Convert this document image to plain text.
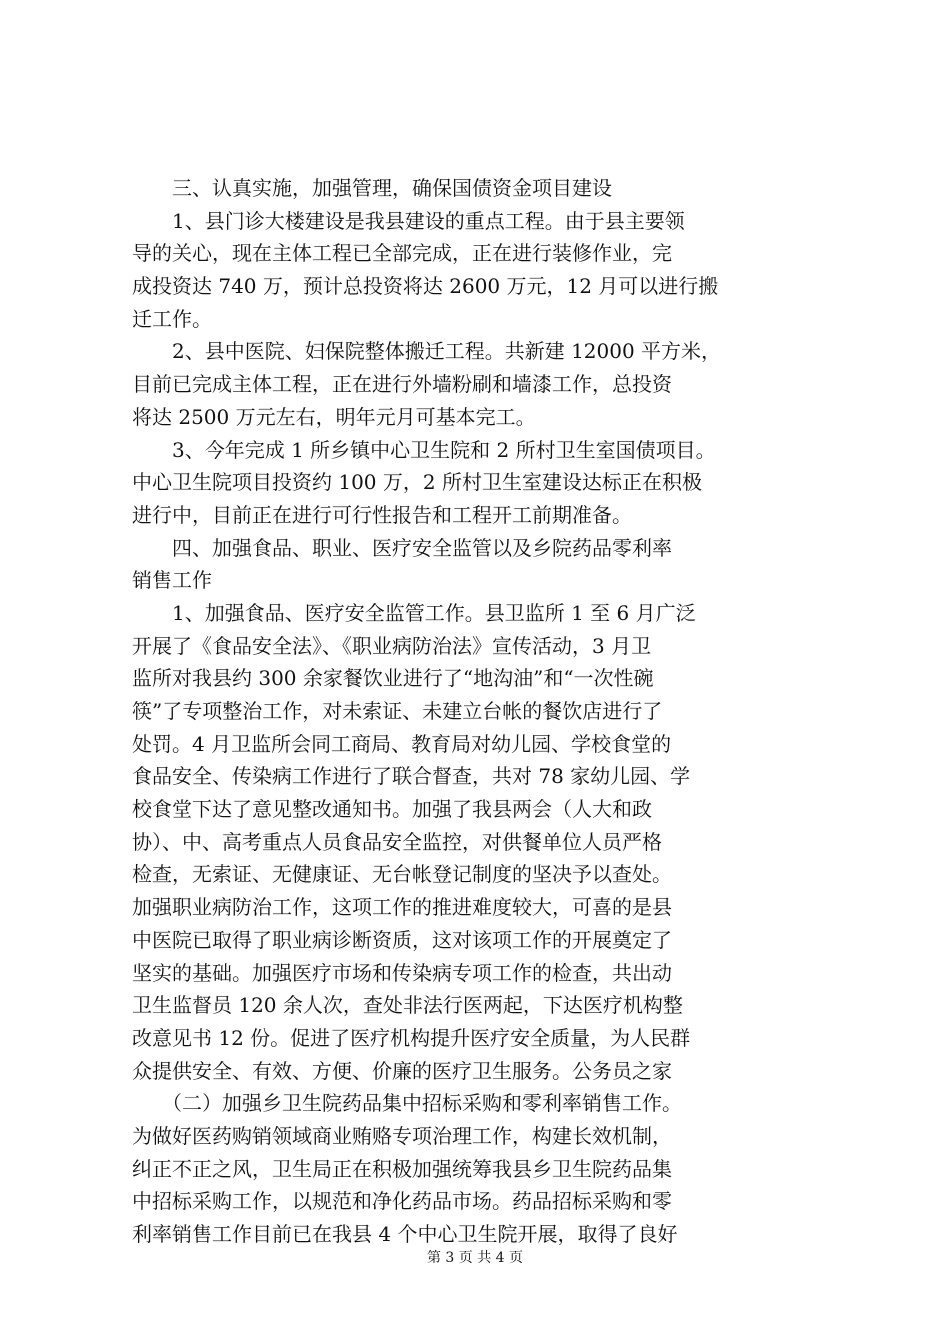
　　三、认真实施，加强管理，确保国债资金项目建设
　　1、县门诊大楼建设是我县建设的重点工程。由于县主要领
导的关心，现在主体工程已全部完成，正在进行装修作业，完
成投资达 740 万，预计总投资将达 2600 万元，12 月可以进行搬
迁工作。
　　2、县中医院、妇保院整体搬迁工程。共新建 12000 平方米，
目前已完成主体工程，正在进行外墙粉刷和墙漆工作，总投资
将达 2500 万元左右，明年元月可基本完工。
　　3、今年完成 1 所乡镇中心卫生院和 2 所村卫生室国债项目。
中心卫生院项目投资约 100 万，2 所村卫生室建设达标正在积极
进行中，目前正在进行可行性报告和工程开工前期准备。
　　四、加强食品、职业、医疗安全监管以及乡院药品零利率
销售工作
　　1、加强食品、医疗安全监管工作。县卫监所 1 至 6 月广泛
开展了《食品安全法》、《职业病防治法》宣传活动，3 月卫
监所对我县约 300 余家餐饮业进行了“地沟油”和“一次性碗
筷”了专项整治工作，对未索证、未建立台帐的餐饮店进行了
处罚。4 月卫监所会同工商局、教育局对幼儿园、学校食堂的
食品安全、传染病工作进行了联合督查，共对 78 家幼儿园、学
校食堂下达了意见整改通知书。加强了我县两会（人大和政
协）、中、高考重点人员食品安全监控，对供餐单位人员严格
检查，无索证、无健康证、无台帐登记制度的坚决予以查处。
加强职业病防治工作，这项工作的推进难度较大，可喜的是县
中医院已取得了职业病诊断资质，这对该项工作的开展奠定了
坚实的基础。加强医疗市场和传染病专项工作的检查，共出动
卫生监督员 120 余人次，查处非法行医两起，下达医疗机构整
改意见书 12 份。促进了医疗机构提升医疗安全质量，为人民群
众提供安全、有效、方便、价廉的医疗卫生服务。公务员之家
　　（二）加强乡卫生院药品集中招标采购和零利率销售工作。
为做好医药购销领域商业贿赂专项治理工作，构建长效机制，
纠正不正之风，卫生局正在积极加强统筹我县乡卫生院药品集
中招标采购工作，以规范和净化药品市场。药品招标采购和零
利率销售工作目前已在我县 4 个中心卫生院开展，取得了良好
第 3 页 共 4 页
